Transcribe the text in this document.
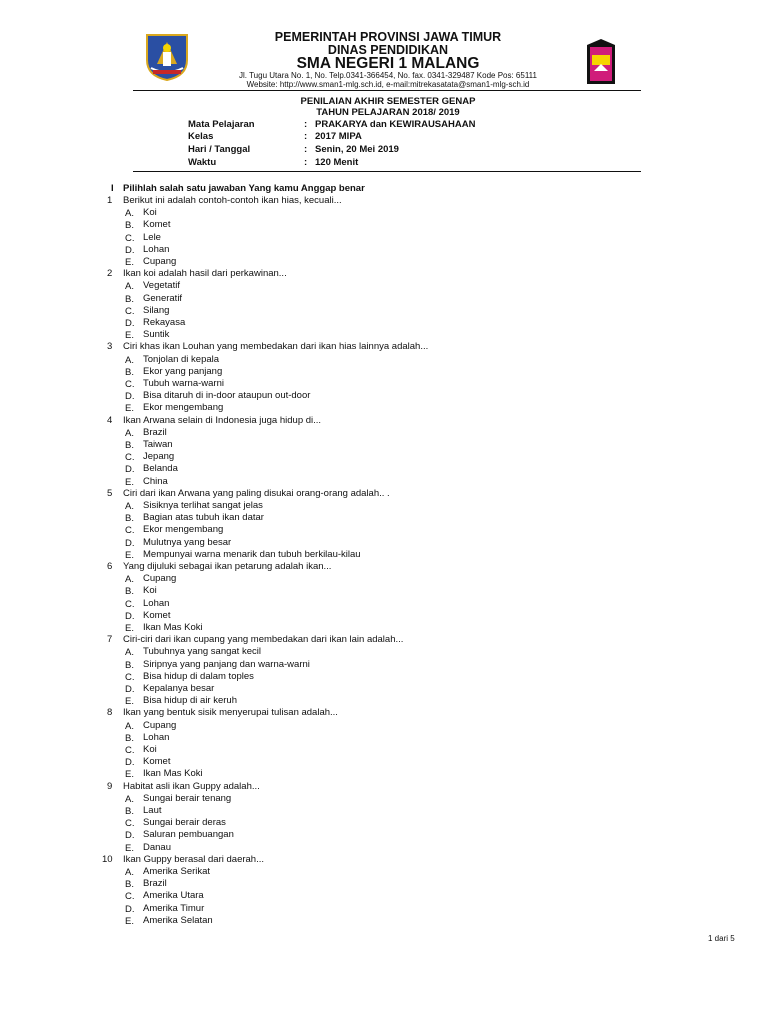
PEMERINTAH PROVINSI JAWA TIMUR
DINAS PENDIDIKAN
SMA NEGERI 1 MALANG
Jl. Tugu Utara No. 1, No. Telp.0341-366454, No. fax. 0341-329487 Kode Pos: 65111
Website: http://www.sman1-mlg.sch.id, e-mail:mitrekasatata@sman1-mlg-sch.id
PENILAIAN AKHIR SEMESTER GENAP
TAHUN PELAJARAN 2018/ 2019
Mata Pelajaran	: PRAKARYA dan KEWIRAUSAHAAN
Kelas	: 2017 MIPA
Hari / Tanggal	: Senin, 20 Mei 2019
Waktu	: 120 Menit
I Pilihlah salah satu jawaban Yang kamu Anggap benar
1 Berikut ini adalah contoh-contoh ikan hias, kecuali...
A. Koi
B. Komet
C. Lele
D. Lohan
E. Cupang
2 Ikan koi adalah hasil dari perkawinan...
A. Vegetatif
B. Generatif
C. Silang
D. Rekayasa
E. Suntik
3 Ciri khas ikan Louhan yang membedakan dari ikan hias lainnya adalah...
A. Tonjolan di kepala
B. Ekor yang panjang
C. Tubuh warna-warni
D. Bisa ditaruh di in-door ataupun out-door
E. Ekor mengembang
4 Ikan Arwana selain di Indonesia juga hidup di...
A. Brazil
B. Taiwan
C. Jepang
D. Belanda
E. China
5 Ciri dari ikan Arwana yang paling disukai orang-orang adalah.. .
A. Sisiknya terlihat sangat jelas
B. Bagian atas tubuh ikan datar
C. Ekor mengembang
D. Mulutnya yang besar
E. Mempunyai warna menarik dan tubuh berkilau-kilau
6 Yang dijuluki sebagai ikan petarung adalah ikan...
A. Cupang
B. Koi
C. Lohan
D. Komet
E. Ikan Mas Koki
7 Ciri-ciri dari ikan cupang yang membedakan dari ikan lain adalah...
A. Tubuhnya yang sangat kecil
B. Siripnya yang panjang dan warna-warni
C. Bisa hidup di dalam toples
D. Kepalanya besar
E. Bisa hidup di air keruh
8 Ikan yang bentuk sisik menyerupai tulisan adalah...
A. Cupang
B. Lohan
C. Koi
D. Komet
E. Ikan Mas Koki
9 Habitat asli ikan Guppy adalah...
A. Sungai berair tenang
B. Laut
C. Sungai berair deras
D. Saluran pembuangan
E. Danau
10 Ikan Guppy berasal dari daerah...
A. Amerika Serikat
B. Brazil
C. Amerika Utara
D. Amerika Timur
E. Amerika Selatan
1 dari 5
